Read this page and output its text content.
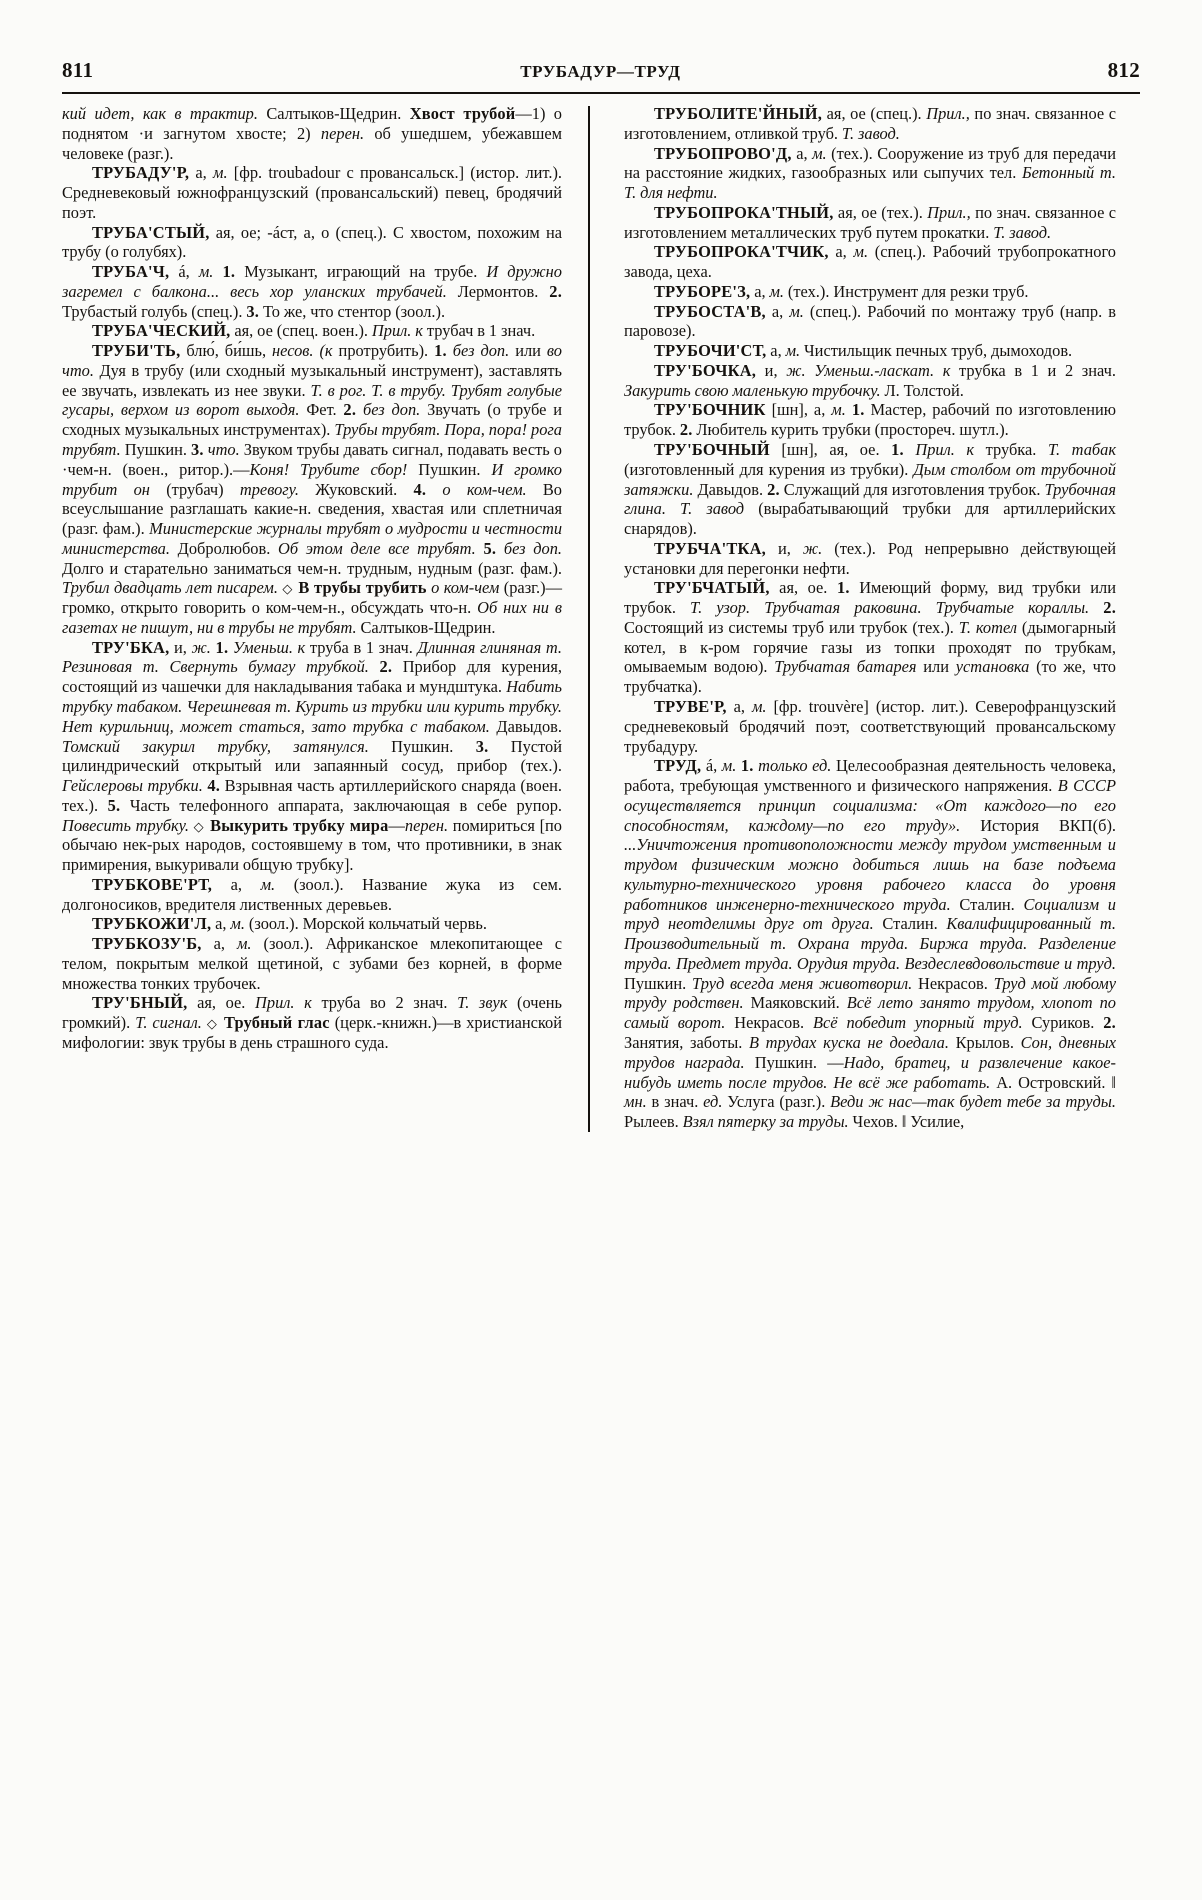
811	ТРУБАДУР—ТРУД	812

кий идет, как в трактир. Салтыков-Щедрин. Хвост трубой—1) о поднятом ·и загнутом хвосте; 2) перен. об ушедшем, убежавшем человеке (разг.).

ТРУБАДУ'Р, а, м. [фр. troubadour с провансальск.] (истор. лит.). Средневековый южнофранцузский (провансальский) певец, бродячий поэт.

ТРУБА'СТЫЙ, ая, ое; -áст, а, о (спец.). С хвостом, похожим на трубу (о голубях).

ТРУБА'Ч, á, м. 1. Музыкант, играющий на трубе. И дружно загремел с балкона... весь хор уланских трубачей. Лермонтов. 2. Трубастый голубь (спец.). 3. То же, что стентор (зоол.).

ТРУБА'ЧЕСКИЙ, ая, ое (спец. воен.). Прил. к трубач в 1 знач.

ТРУБИ'ТЬ, блю́, би́шь, несов. (к протрубить). 1. без доп. или во что. Дуя в трубу (или сходный музыкальный инструмент), заставлять ее звучать, извлекать из нее звуки. Т. в рог. Т. в трубу. Трубят голубые гусары, верхом из ворот выходя. Фет. 2. без доп. Звучать (о трубе и сходных музыкальных инструментах). Трубы трубят. Пора, пора! рога трубят. Пушкин. 3. что. Звуком трубы давать сигнал, подавать весть о ·чем-н. (воен., ритор.).—Коня! Трубите сбор! Пушкин. И громко трубит он (трубач) тревогу. Жуковский. 4. о ком-чем. Во всеуслышание разглашать какие-н. сведения, хвастая или сплетничая (разг. фам.). Министерские журналы трубят о мудрости и честности министерства. Добролюбов. Об этом деле все трубят. 5. без доп. Долго и старательно заниматься чем-н. трудным, нудным (разг. фам.). Трубил двадцать лет писарем. ◇ В трубы трубить о ком-чем (разг.)—громко, открыто говорить о ком-чем-н., обсуждать что-н. Об них ни в газетах не пишут, ни в трубы не трубят. Салтыков-Щедрин.

ТРУ'БКА, и, ж. 1. Уменьш. к труба в 1 знач. Длинная глиняная т. Резиновая т. Свернуть бумагу трубкой. 2. Прибор для курения, состоящий из чашечки для накладывания табака и мундштука. Набить трубку табаком. Черешневая т. Курить из трубки или курить трубку. Нет курильниц, может статься, зато трубка с табаком. Давыдов. Томский закурил трубку, затянулся. Пушкин. 3. Пустой цилиндрический открытый или запаянный сосуд, прибор (тех.). Гейслеровы трубки. 4. Взрывная часть артиллерийского снаряда (воен. тех.). 5. Часть телефонного аппарата, заключающая в себе рупор. Повесить трубку. ◇ Выкурить трубку мира—перен. помириться [по обычаю нек-рых народов, состоявшему в том, что противники, в знак примирения, выкуривали общую трубку].

ТРУБКОВЕ'РТ, а, м. (зоол.). Название жука из сем. долгоносиков, вредителя лиственных деревьев.

ТРУБКОЖИ'Л, а, м. (зоол.). Морской кольчатый червь.

ТРУБКОЗУ'Б, а, м. (зоол.). Африканское млекопитающее с телом, покрытым мелкой щетиной, с зубами без корней, в форме множества тонких трубочек.

ТРУ'БНЫЙ, ая, ое. Прил. к труба во 2 знач. Т. звук (очень громкий). Т. сигнал. ◇ Трубный глас (церк.-книжн.)—в христианской мифологии: звук трубы в день страшного суда.

ТРУБОЛИТЕ'ЙНЫЙ, ая, ое (спец.). Прил., по знач. связанное с изготовлением, отливкой труб. Т. завод.

ТРУБОПРОВО'Д, а, м. (тех.). Сооружение из труб для передачи на расстояние жидких, газообразных или сыпучих тел. Бетонный т. Т. для нефти.

ТРУБОПРОКА'ТНЫЙ, ая, ое (тех.). Прил., по знач. связанное с изготовлением металлических труб путем прокатки. Т. завод.

ТРУБОПРОКА'ТЧИК, а, м. (спец.). Рабочий трубопрокатного завода, цеха.

ТРУБОРЕ'З, а, м. (тех.). Инструмент для резки труб.

ТРУБОСТА'В, а, м. (спец.). Рабочий по монтажу труб (напр. в паровозе).

ТРУБОЧИ'СТ, а, м. Чистильщик печных труб, дымоходов.

ТРУ'БОЧКА, и, ж. Уменьш.-ласкат. к трубка в 1 и 2 знач. Закурить свою маленькую трубочку. Л. Толстой.

ТРУ'БОЧНИК [шн], а, м. 1. Мастер, рабочий по изготовлению трубок. 2. Любитель курить трубки (простореч. шутл.).

ТРУ'БОЧНЫЙ [шн], ая, ое. 1. Прил. к трубка. Т. табак (изготовленный для курения из трубки). Дым столбом от трубочной затяжки. Давыдов. 2. Служащий для изготовления трубок. Трубочная глина. Т. завод (вырабатывающий трубки для артиллерийских снарядов).

ТРУБЧА'ТКА, и, ж. (тех.). Род непрерывно действующей установки для перегонки нефти.

ТРУ'БЧАТЫЙ, ая, ое. 1. Имеющий форму, вид трубки или трубок. Т. узор. Трубчатая раковина. Трубчатые кораллы. 2. Состоящий из системы труб или трубок (тех.). Т. котел (дымогарный котел, в к-ром горячие газы из топки проходят по трубкам, омываемым водою). Трубчатая батарея или установка (то же, что трубчатка).

ТРУВЕ'Р, а, м. [фр. trouvère] (истор. лит.). Северофранцузский средневековый бродячий поэт, соответствующий провансальскому трубадуру.

ТРУД, á, м. 1. только ед. Целесообразная деятельность человека, работа, требующая умственного и физического напряжения. В СССР осуществляется принцип социализма: «От каждого—по его способностям, каждому—по его труду». История ВКП(б). ...Уничтожения противоположности между трудом умственным и трудом физическим можно добиться лишь на базе подъема культурно-технического уровня рабочего класса до уровня работников инженерно-технического труда. Сталин. Социализм и труд неотделимы друг от друга. Сталин. Квалифицированный т. Производительный т. Охрана труда. Биржа труда. Разделение труда. Предмет труда. Орудия труда. Вездеслевдовольствие и труд. Пушкин. Труд всегда меня животворил. Некрасов. Труд мой любому труду родствен. Маяковский. Всё лето занято трудом, хлопот по самый ворот. Некрасов. Всё победит упорный труд. Суриков. 2. Занятия, заботы. В трудах куска не доедала. Крылов. Сон, дневных трудов награда. Пушкин. —Надо, братец, и развлечение какое-нибудь иметь после трудов. Не всё же работать. А. Островский. ‖ мн. в знач. ед. Услуга (разг.). Веди ж нас—так будет тебе за труды. Рылеев. Взял пятерку за труды. Чехов. ‖ Усилие,
